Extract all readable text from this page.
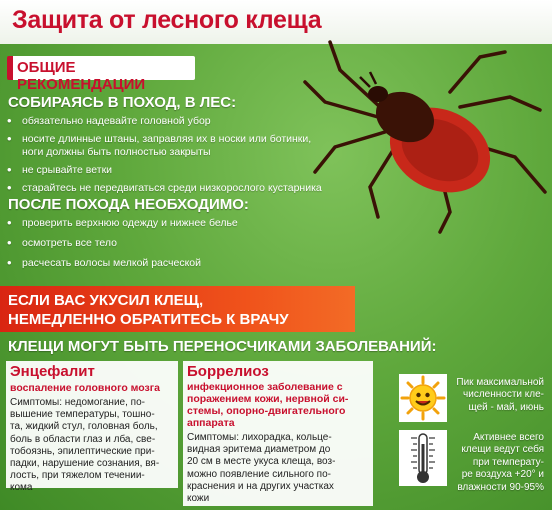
Защита от лесного клеща
ОБЩИЕ РЕКОМЕНДАЦИИ
СОБИРАЯСЬ В ПОХОД, В ЛЕС:
• обязательно надевайте головной убор
• носите длинные штаны, заправляя их в носки или ботинки,
ноги должны быть полностью закрыты
• не срывайте ветки
• старайтесь не передвигаться среди низкорослого кустарника
ПОСЛЕ ПОХОДА НЕОБХОДИМО:
• проверить верхнюю одежду и нижнее белье
• осмотреть все тело
• расчесать волосы мелкой расческой
ЕСЛИ ВАС УКУСИЛ КЛЕЩ,
НЕМЕДЛЕННО ОБРАТИТЕСЬ К ВРАЧУ
КЛЕЩИ МОГУТ БЫТЬ ПЕРЕНОСЧИКАМИ ЗАБОЛЕВАНИЙ:
Энцефалит
воспаление головного мозга
Симптомы: недомогание, по-
вышение температуры, тошно-
та, жидкий стул, головная боль,
боль в области глаз и лба, све-
тобоязнь, эпилептические при-
падки, нарушение сознания, вя-
лость, при тяжелом течении-
кома
Боррелиоз
инфекционное заболевание с
поражением кожи, нервной си-
стемы, опорно-двигательного
аппарата
Симптомы: лихорадка, кольце-
видная эритема диаметром до
20 см в месте укуса клеща, воз-
можно появление сильного по-
краснения и на других участках
кожи
Пик максимальной
численности кле-
щей - май, июнь
Активнее всего
клещи ведут себя
при температу-
ре воздуха +20° и
влажности 90-95%
